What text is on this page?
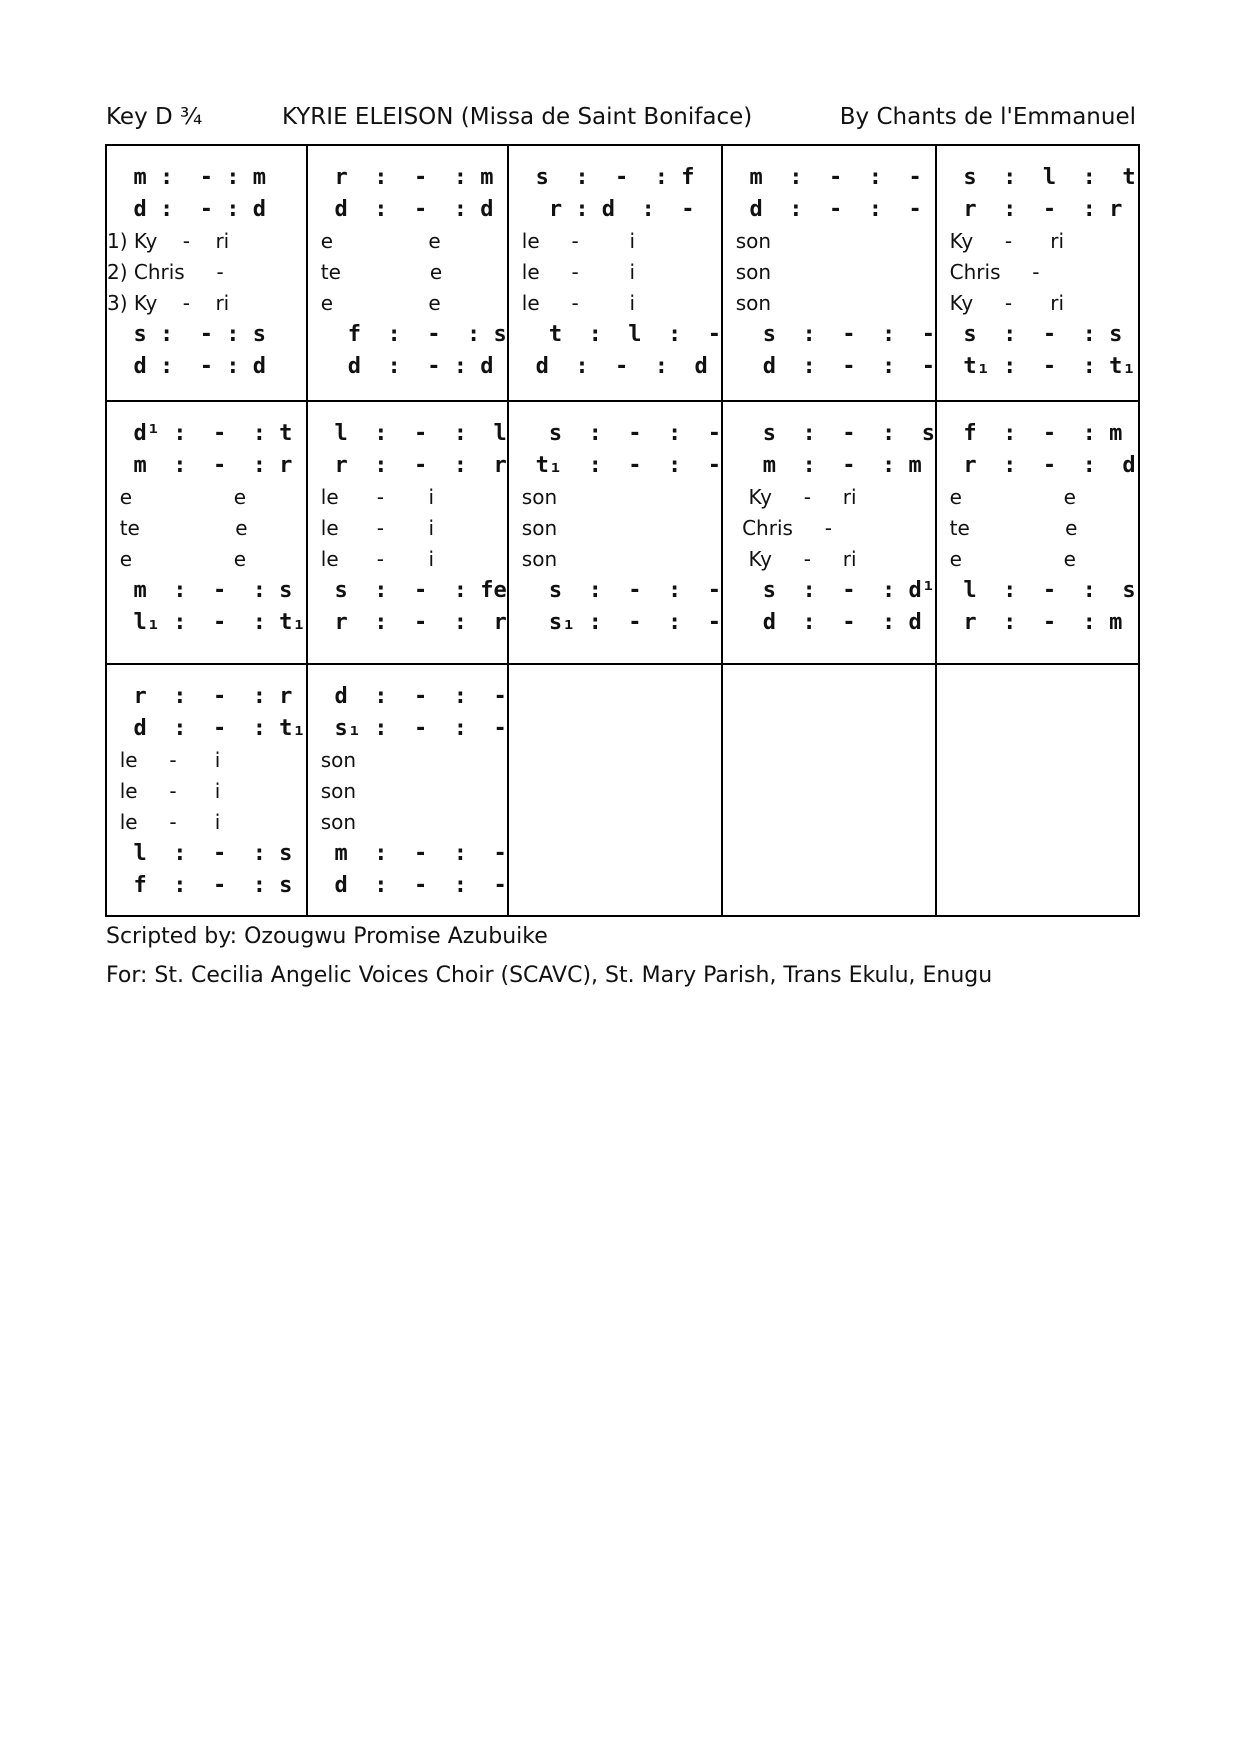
Key D ¾	KYRIE ELEISON (Missa de Saint Boniface)	By Chants de l'Emmanuel
m :  - : m
d :  - : d
1) Ky    -    ri
2) Chris     -
3) Ky    -    ri
s :  - : s
d :  - : d
r  :  -  : m
d  :  -  : d
e               e
te              e
e               e
f  :  -  : s
d  :  - : d
s  :  -  : f
r : d  :  -
le     -        i
le     -        i
le     -        i
t  :  l  :  -
d  :  -  :  d
m  :  -  :  -
d  :  -  :  -
son
son
son
s  :  -  :  -
d  :  -  :  -
s  :  l  :  t
r  :  -  : r
Ky     -      ri
Chris     -
Ky     -      ri
s  :  -  : s
t₁ :  -  : t₁
d¹ :  -  : t
m  :  -  : r
e                e
te               e
e                e
m  :  -  : s
l₁ :  -  : t₁
l  :  -  :  l
r  :  -  :  r
le      -       i
le      -       i
le      -       i
s  :  -  : fe
r  :  -  :  r
s  :  -  :  -
t₁  :  -  :  -
son
son
son
s  :  -  :  -
s₁ :  -  :  -
s  :  -  :  s
m  :  -  : m
Ky     -     ri
Chris     -
Ky     -     ri
s  :  -  : d¹
d  :  -  : d
f  :  -  : m
r  :  -  :  d
e                e
te               e
e                e
l  :  -  :  s
r  :  -  : m
r  :  -  : r
d  :  -  : t₁
le     -      i
le     -      i
le     -      i
l  :  -  : s
f  :  -  : s
d  :  -  :  -
s₁ :  -  :  -
son
son
son
m  :  -  :  -
d  :  -  :  -
Scripted by: Ozougwu Promise Azubuike
For: St. Cecilia Angelic Voices Choir (SCAVC), St. Mary Parish, Trans Ekulu, Enugu
